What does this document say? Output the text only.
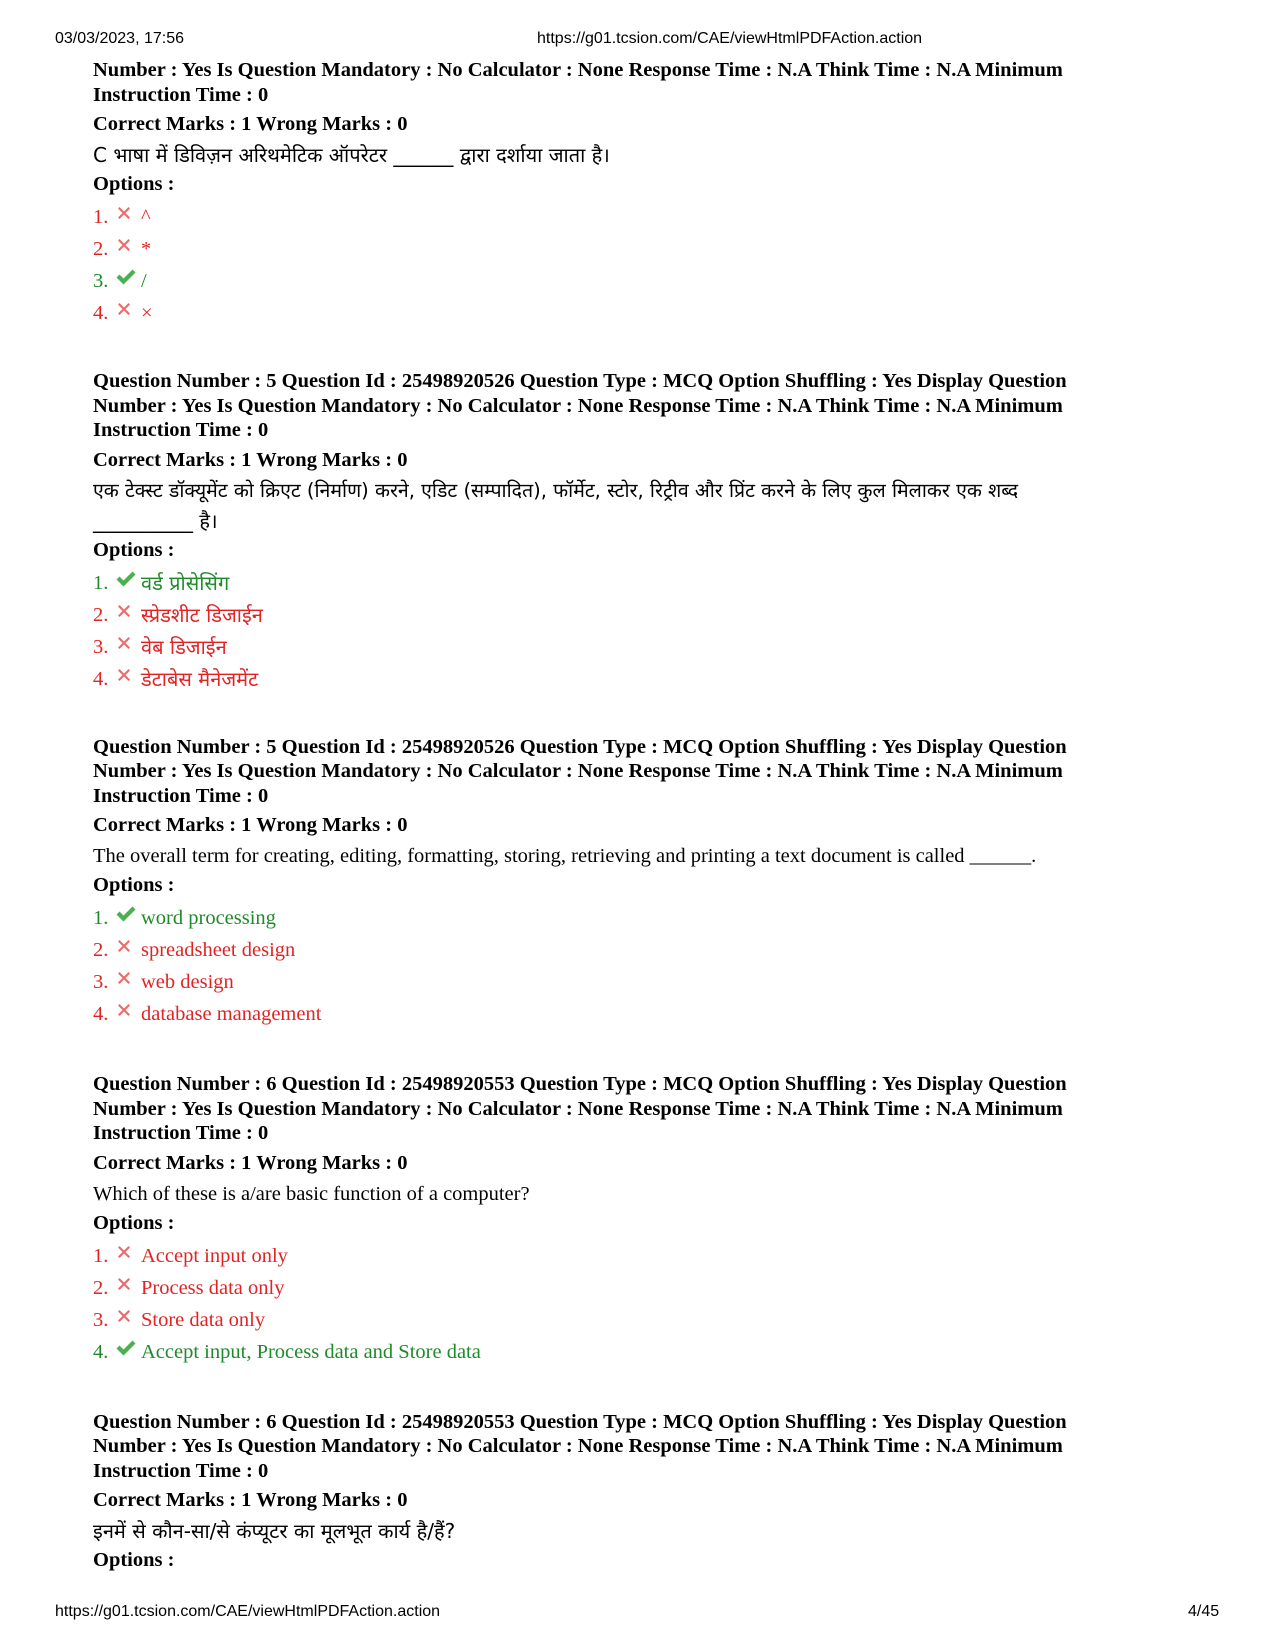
03/03/2023, 17:56	https://g01.tcsion.com/CAE/viewHtmlPDFAction.action

Number : Yes Is Question Mandatory : No Calculator : None Response Time : N.A Think Time : N.A Minimum

Instruction Time : 0

Correct Marks : 1 Wrong Marks : 0

C भाषा में डिविज़न अरिथमेटिक ऑपरेटर ______ द्वारा दर्शाया जाता है।

Options :

1.	^
2.	*
3.	/
4.	×

Question Number : 5 Question Id : 25498920526 Question Type : MCQ Option Shuffling : Yes Display Question

Number : Yes Is Question Mandatory : No Calculator : None Response Time : N.A Think Time : N.A Minimum

Instruction Time : 0

Correct Marks : 1 Wrong Marks : 0

एक टेक्स्ट डॉक्यूमेंट को क्रिएट (निर्माण) करने, एडिट (सम्पादित), फॉर्मेट, स्टोर, रिट्रीव और प्रिंट करने के लिए कुल मिलाकर एक शब्द

__________ है।

Options :

1.	वर्ड प्रोसेसिंग
2.	स्प्रेडशीट डिजाईन
3.	वेब डिजाईन
4.	डेटाबेस मैनेजमेंट

Question Number : 5 Question Id : 25498920526 Question Type : MCQ Option Shuffling : Yes Display Question

Number : Yes Is Question Mandatory : No Calculator : None Response Time : N.A Think Time : N.A Minimum

Instruction Time : 0

Correct Marks : 1 Wrong Marks : 0

The overall term for creating, editing, formatting, storing, retrieving and printing a text document is called ______.

Options :

1.	word processing
2.	spreadsheet design
3.	web design
4.	database management

Question Number : 6 Question Id : 25498920553 Question Type : MCQ Option Shuffling : Yes Display Question

Number : Yes Is Question Mandatory : No Calculator : None Response Time : N.A Think Time : N.A Minimum

Instruction Time : 0

Correct Marks : 1 Wrong Marks : 0

Which of these is a/are basic function of a computer?

Options :

1.	Accept input only
2.	Process data only
3.	Store data only
4.	Accept input, Process data and Store data

Question Number : 6 Question Id : 25498920553 Question Type : MCQ Option Shuffling : Yes Display Question

Number : Yes Is Question Mandatory : No Calculator : None Response Time : N.A Think Time : N.A Minimum

Instruction Time : 0

Correct Marks : 1 Wrong Marks : 0

इनमें से कौन-सा/से कंप्यूटर का मूलभूत कार्य है/हैं?

Options :

https://g01.tcsion.com/CAE/viewHtmlPDFAction.action	4/45
